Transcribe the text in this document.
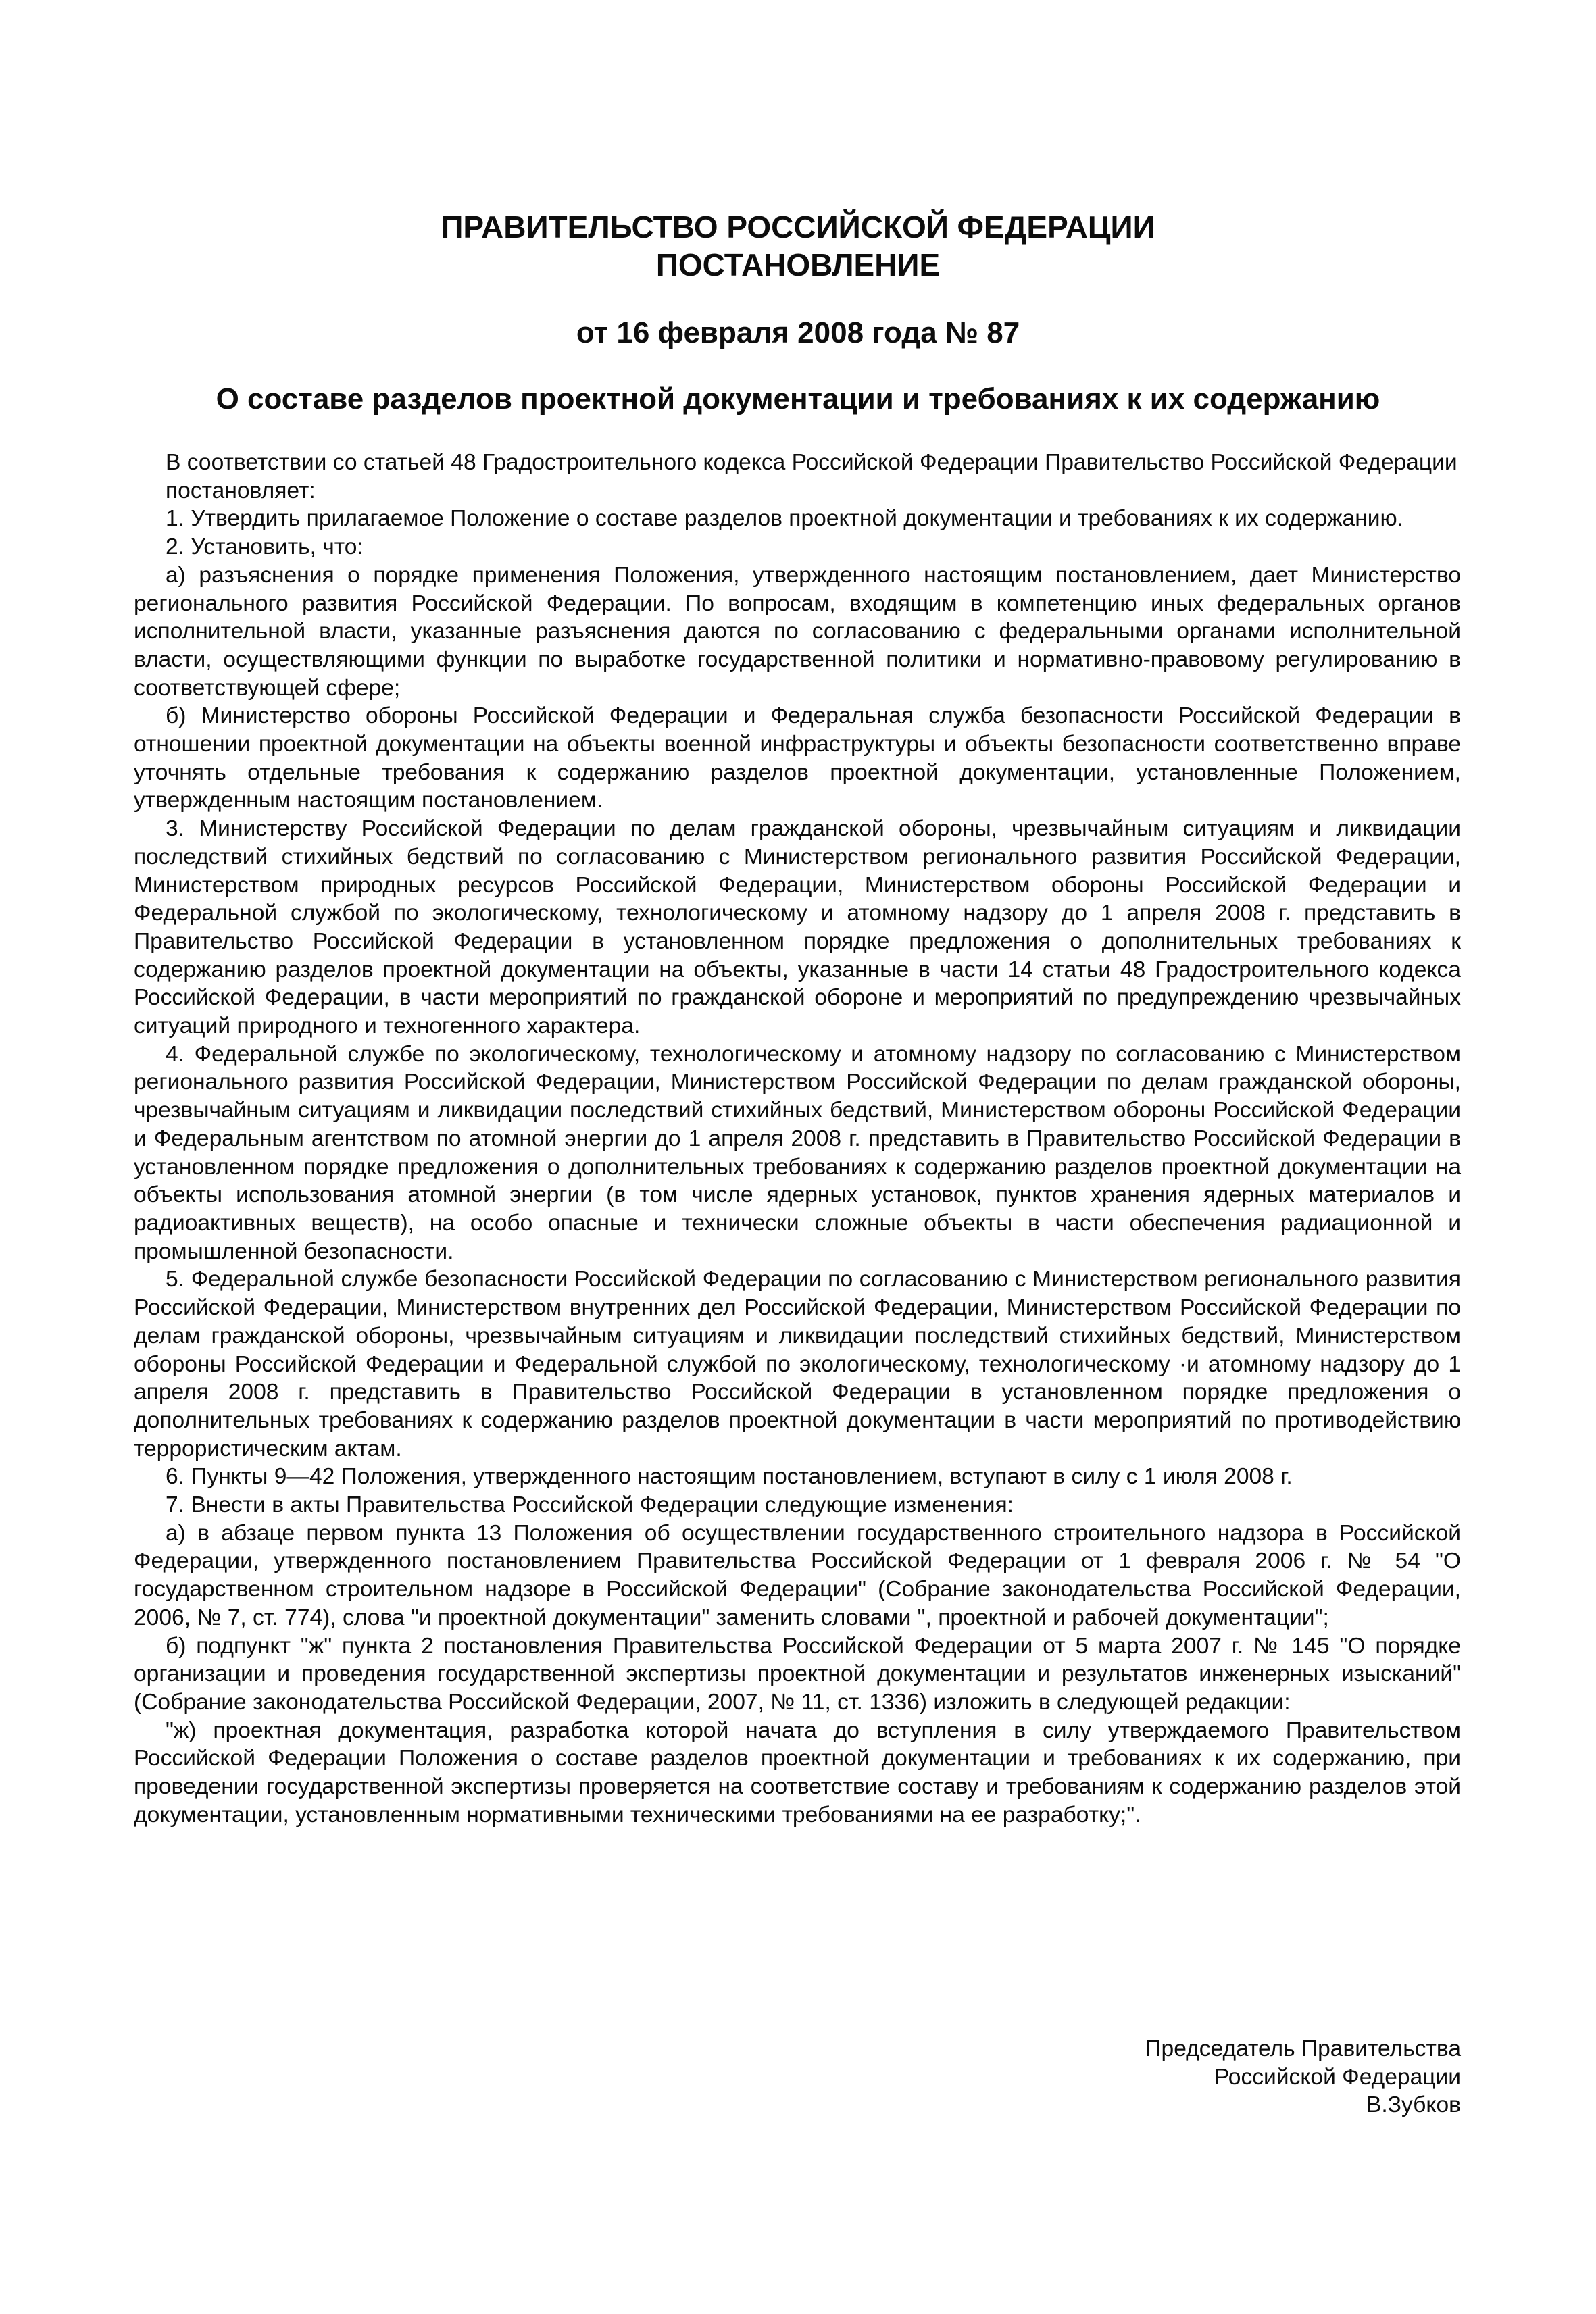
ПРАВИТЕЛЬСТВО РОССИЙСКОЙ ФЕДЕРАЦИИ
ПОСТАНОВЛЕНИЕ
от 16 февраля 2008 года № 87
О составе разделов проектной документации и требованиях к их содержанию

В соответствии со статьей 48 Градостроительного кодекса Российской Федерации Правительство Российской Федерации

постановляет:

1. Утвердить прилагаемое Положение о составе разделов проектной документации и требованиях к их содержанию.

2. Установить, что:

а) разъяснения о порядке применения Положения, утвержденного настоящим постановлением, дает Министерство регионального развития Российской Федерации. По вопросам, входящим в компетенцию иных федеральных органов исполнительной власти, указанные разъяснения даются по согласованию с федеральными органами исполнительной власти, осуществляющими функции по выработке государственной политики и нормативно-правовому регулированию в соответствующей сфере;

б) Министерство обороны Российской Федерации и Федеральная служба безопасности Российской Федерации в отношении проектной документации на объекты военной инфраструктуры и объекты безопасности соответственно вправе уточнять отдельные требования к содержанию разделов проектной документации, установленные Положением, утвержденным настоящим постановлением.

3. Министерству Российской Федерации по делам гражданской обороны, чрезвычайным ситуациям и ликвидации последствий стихийных бедствий по согласованию с Министерством регионального развития Российской Федерации, Министерством природных ресурсов Российской Федерации, Министерством обороны Российской Федерации и Федеральной службой по экологическому, технологическому и атомному надзору до 1 апреля 2008 г. представить в Правительство Российской Федерации в установленном порядке предложения о дополнительных требованиях к содержанию разделов проектной документации на объекты, указанные в части 14 статьи 48 Градостроительного кодекса Российской Федерации, в части мероприятий по гражданской обороне и мероприятий по предупреждению чрезвычайных ситуаций природного и техногенного характера.

4. Федеральной службе по экологическому, технологическому и атомному надзору по согласованию с Министерством регионального развития Российской Федерации, Министерством Российской Федерации по делам гражданской обороны, чрезвычайным ситуациям и ликвидации последствий стихийных бедствий, Министерством обороны Российской Федерации и Федеральным агентством по атомной энергии до 1 апреля 2008 г. представить в Правительство Российской Федерации в установленном порядке предложения о дополнительных требованиях к содержанию разделов проектной документации на объекты использования атомной энергии (в том числе ядерных установок, пунктов хранения ядерных материалов и радиоактивных веществ), на особо опасные и технически сложные объекты в части обеспечения радиационной и промышленной безопасности.

5. Федеральной службе безопасности Российской Федерации по согласованию с Министерством регионального развития Российской Федерации, Министерством внутренних дел Российской Федерации, Министерством Российской Федерации по делам гражданской обороны, чрезвычайным ситуациям и ликвидации последствий стихийных бедствий, Министерством обороны Российской Федерации и Федеральной службой по экологическому, технологическому ·и атомному надзору до 1 апреля 2008 г. представить в Правительство Российской Федерации в установленном порядке предложения о дополнительных требованиях к содержанию разделов проектной документации в части мероприятий по противодействию террористическим актам.

6. Пункты 9—42 Положения, утвержденного настоящим постановлением, вступают в силу с 1 июля 2008 г.

7. Внести в акты Правительства Российской Федерации следующие изменения:

а) в абзаце первом пункта 13 Положения об осуществлении государственного строительного надзора в Российской Федерации, утвержденного постановлением Правительства Российской Федерации от 1 февраля 2006 г. № 54 "О государственном строительном надзоре в Российской Федерации" (Собрание законодательства Российской Федерации, 2006, № 7, ст. 774), слова "и проектной документации" заменить словами ", проектной и рабочей документации";

б) подпункт "ж" пункта 2 постановления Правительства Российской Федерации от 5 марта 2007 г. № 145 "О порядке организации и проведения государственной экспертизы проектной документации и результатов инженерных изысканий" (Собрание законодательства Российской Федерации, 2007, № 11, ст. 1336) изложить в следующей редакции:

"ж) проектная документация, разработка которой начата до вступления в силу утверждаемого Правительством Российской Федерации Положения о составе разделов проектной документации и требованиях к их содержанию, при проведении государственной экспертизы проверяется на соответствие составу и требованиям к содержанию разделов этой документации, установленным нормативными техническими требованиями на ее разработку;".

Председатель Правительства
Российской Федерации
В.Зубков
